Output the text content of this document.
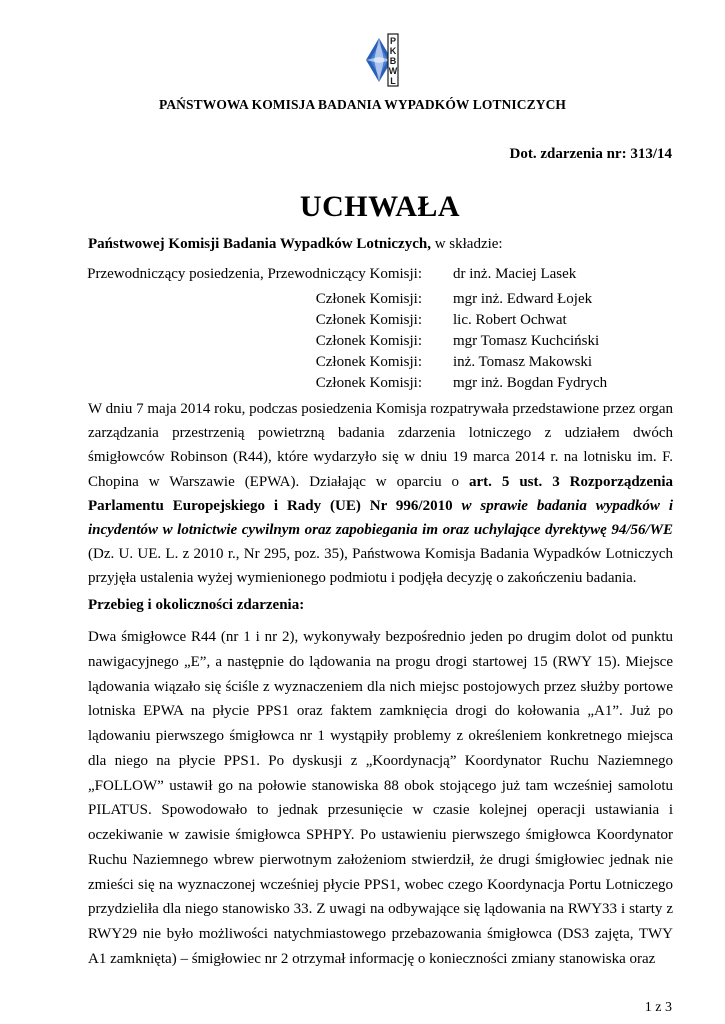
P
K
B
W
L
PAŃSTWOWA KOMISJA BADANIA WYPADKÓW LOTNICZYCH
Dot. zdarzenia nr: 313/14
UCHWAŁA
Państwowej Komisji Badania Wypadków Lotniczych, w składzie:
Przewodniczący posiedzenia, Przewodniczący Komisji: dr inż. Maciej Lasek
Członek Komisji: mgr inż. Edward Łojek
Członek Komisji: lic. Robert Ochwat
Członek Komisji: mgr Tomasz Kuchciński
Członek Komisji: inż. Tomasz Makowski
Członek Komisji: mgr inż. Bogdan Fydrych

W dniu 7 maja 2014 roku, podczas posiedzenia Komisja rozpatrywała przedstawione przez organ zarządzania przestrzenią powietrzną badania zdarzenia lotniczego z udziałem dwóch śmigłowców Robinson (R44), które wydarzyło się w dniu 19 marca 2014 r. na lotnisku im. F. Chopina w Warszawie (EPWA). Działając w oparciu o art. 5 ust. 3 Rozporządzenia Parlamentu Europejskiego i Rady (UE) Nr 996/2010 w sprawie badania wypadków i incydentów w lotnictwie cywilnym oraz zapobiegania im oraz uchylające dyrektywę 94/56/WE (Dz. U. UE. L. z 2010 r., Nr 295, poz. 35), Państwowa Komisja Badania Wypadków Lotniczych przyjęła ustalenia wyżej wymienionego podmiotu i podjęła decyzję o zakończeniu badania.

Przebieg i okoliczności zdarzenia:

Dwa śmigłowce R44 (nr 1 i nr 2), wykonywały bezpośrednio jeden po drugim dolot od punktu nawigacyjnego „E”, a następnie do lądowania na progu drogi startowej 15 (RWY 15). Miejsce lądowania wiązało się ściśle z wyznaczeniem dla nich miejsc postojowych przez służby portowe lotniska EPWA na płycie PPS1 oraz faktem zamknięcia drogi do kołowania „A1”. Już po lądowaniu pierwszego śmigłowca nr 1 wystąpiły problemy z określeniem konkretnego miejsca dla niego na płycie PPS1. Po dyskusji z „Koordynacją” Koordynator Ruchu Naziemnego „FOLLOW” ustawił go na połowie stanowiska 88 obok stojącego już tam wcześniej samolotu PILATUS. Spowodowało to jednak przesunięcie w czasie kolejnej operacji ustawiania i oczekiwanie w zawisie śmigłowca SPHPY. Po ustawieniu pierwszego śmigłowca Koordynator Ruchu Naziemnego wbrew pierwotnym założeniom stwierdził, że drugi śmigłowiec jednak nie zmieści się na wyznaczonej wcześniej płycie PPS1, wobec czego Koordynacja Portu Lotniczego przydzieliła dla niego stanowisko 33. Z uwagi na odbywające się lądowania na RWY33 i starty z RWY29 nie było możliwości natychmiastowego przebazowania śmigłowca (DS3 zajęta, TWY A1 zamknięta) – śmigłowiec nr 2 otrzymał informację o konieczności zmiany stanowiska oraz

1 z 3
